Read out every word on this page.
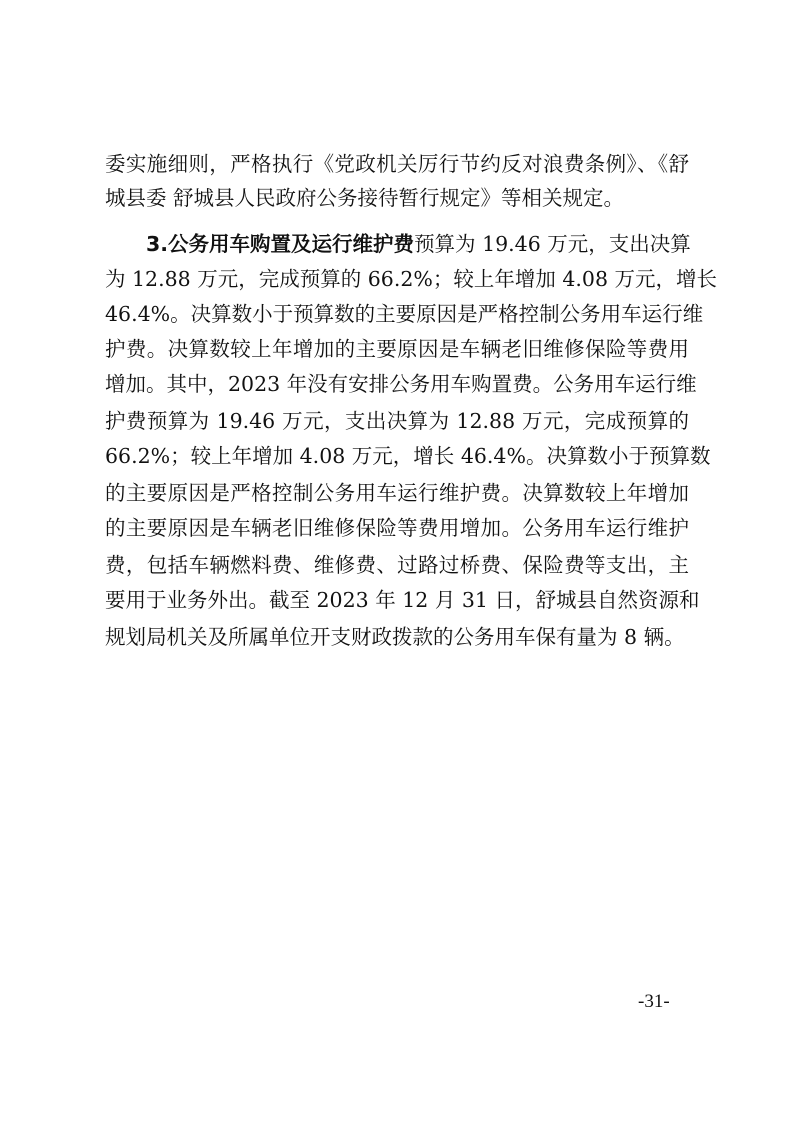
委实施细则，严格执行《党政机关厉行节约反对浪费条例》、《舒
城县委 舒城县人民政府公务接待暂行规定》等相关规定。
3.公务用车购置及运行维护费预算为 19.46 万元，支出决算
为 12.88 万元，完成预算的 66.2%；较上年增加 4.08 万元，增长
46.4%。决算数小于预算数的主要原因是严格控制公务用车运行维
护费。决算数较上年增加的主要原因是车辆老旧维修保险等费用
增加。其中，2023 年没有安排公务用车购置费。公务用车运行维
护费预算为 19.46 万元，支出决算为 12.88 万元，完成预算的
66.2%；较上年增加 4.08 万元，增长 46.4%。决算数小于预算数
的主要原因是严格控制公务用车运行维护费。决算数较上年增加
的主要原因是车辆老旧维修保险等费用增加。公务用车运行维护
费，包括车辆燃料费、维修费、过路过桥费、保险费等支出，主
要用于业务外出。截至 2023 年 12 月 31 日，舒城县自然资源和
规划局机关及所属单位开支财政拨款的公务用车保有量为 8 辆。
-31-
